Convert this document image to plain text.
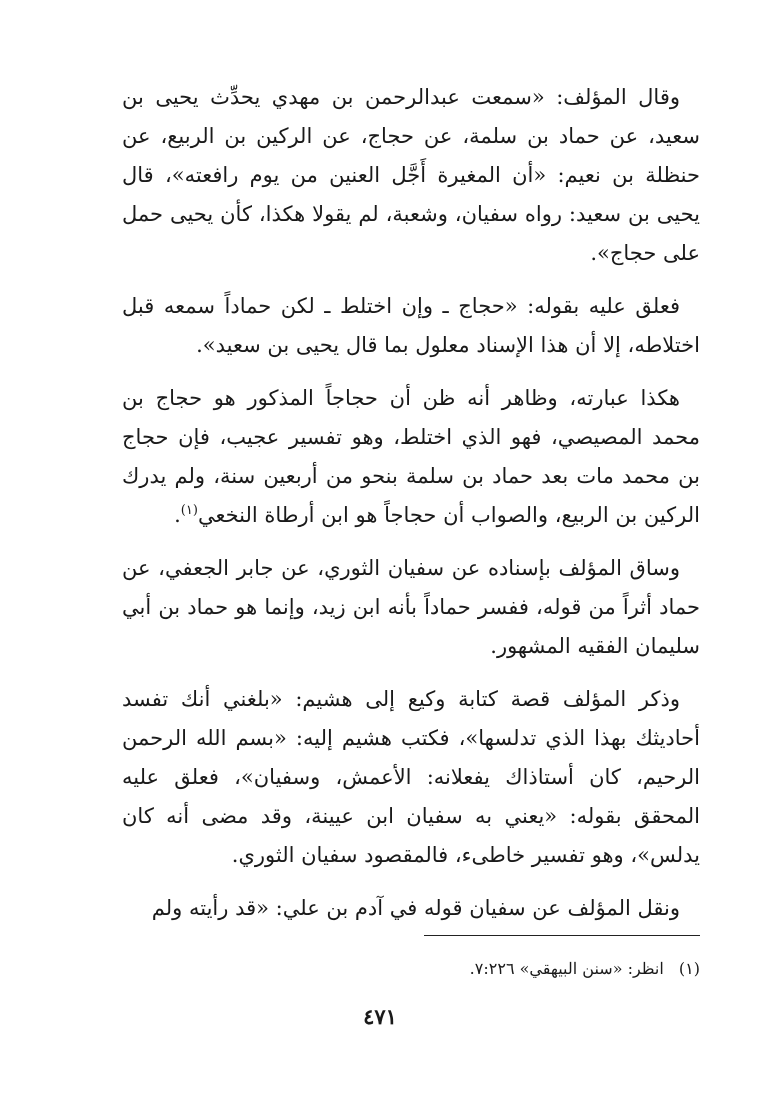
وقال المؤلف: «سمعت عبدالرحمن بن مهدي يحدِّث يحيى بن سعيد، عن حماد بن سلمة، عن حجاج، عن الركين بن الربيع، عن حنظلة بن نعيم: «أن المغيرة أَجَّل العنين من يوم رافعته»، قال يحيى بن سعيد: رواه سفيان، وشعبة، لم يقولا هكذا، كأن يحيى حمل على حجاج».

فعلق عليه بقوله: «حجاج ـ وإن اختلط ـ لكن حماداً سمعه قبل اختلاطه، إلا أن هذا الإسناد معلول بما قال يحيى بن سعيد».

هكذا عبارته، وظاهر أنه ظن أن حجاجاً المذكور هو حجاج بن محمد المصيصي، فهو الذي اختلط، وهو تفسير عجيب، فإن حجاج بن محمد مات بعد حماد بن سلمة بنحو من أربعين سنة، ولم يدرك الركين بن الربيع، والصواب أن حجاجاً هو ابن أرطاة النخعي$^{(١)}$.

وساق المؤلف بإسناده عن سفيان الثوري، عن جابر الجعفي، عن حماد أثراً من قوله، ففسر حماداً بأنه ابن زيد، وإنما هو حماد بن أبي سليمان الفقيه المشهور.

وذكر المؤلف قصة كتابة وكيع إلى هشيم: «بلغني أنك تفسد أحاديثك بهذا الذي تدلسها»، فكتب هشيم إليه: «بسم الله الرحمن الرحيم، كان أستاذاك يفعلانه: الأعمش، وسفيان»، فعلق عليه المحقق بقوله: «يعني به سفيان ابن عيينة، وقد مضى أنه كان يدلس»، وهو تفسير خاطىء، فالمقصود سفيان الثوري.

ونقل المؤلف عن سفيان قوله في آدم بن علي: «قد رأيته ولم

(١) انظر: «سنن البيهقي» ٧:٢٢٦.
٤٧١
